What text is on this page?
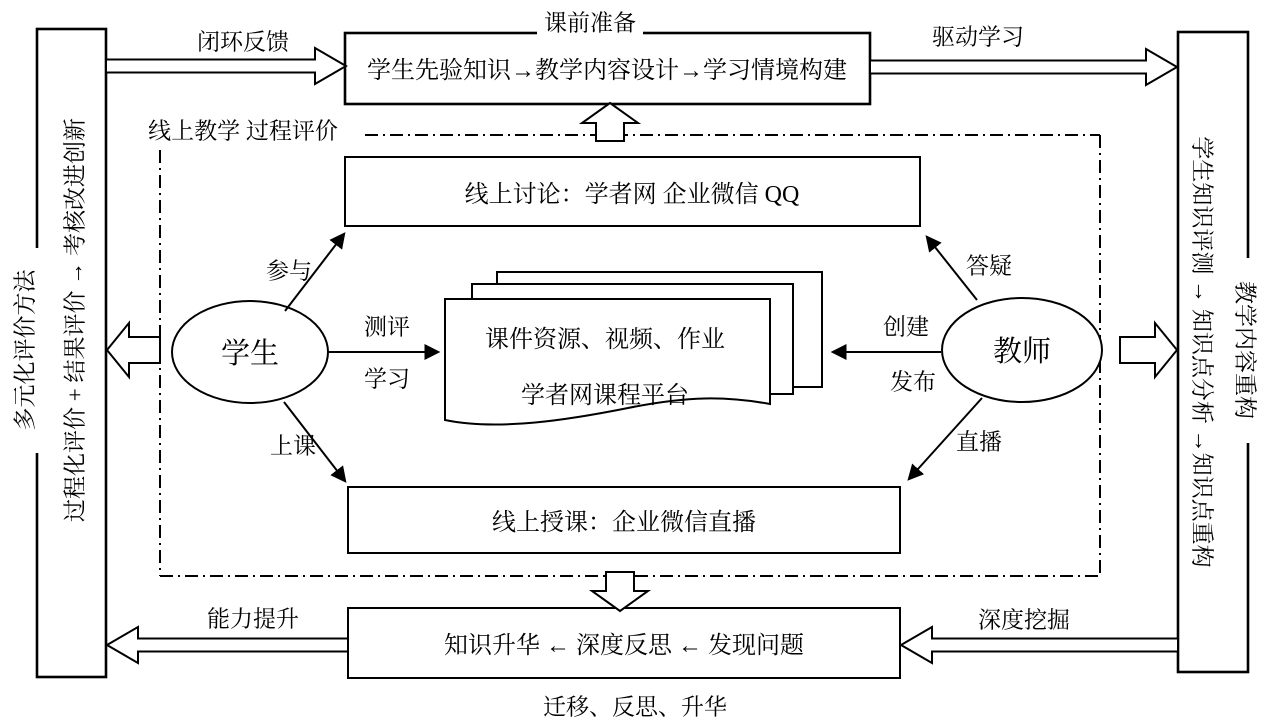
课前准备
学生先验知识→教学内容设计→学习情境构建
多元化评价方法 过程化评价 + 结果评价 → 考核改进创新	学生知识评测 → 知识点分析 →知识点重构 教学内容重构
线上教学 过程评价
线上讨论：学者网 企业微信 QQ
线上授课：企业微信直播
课件资源、视频、作业
学者网课程平台
学生	教师
知识升华 ← 深度反思 ← 发现问题
迁移、反思、升华
闭环反馈	驱动学习
参与
测评
学习
上课
答疑
创建
发布
直播
能力提升	深度挖掘
